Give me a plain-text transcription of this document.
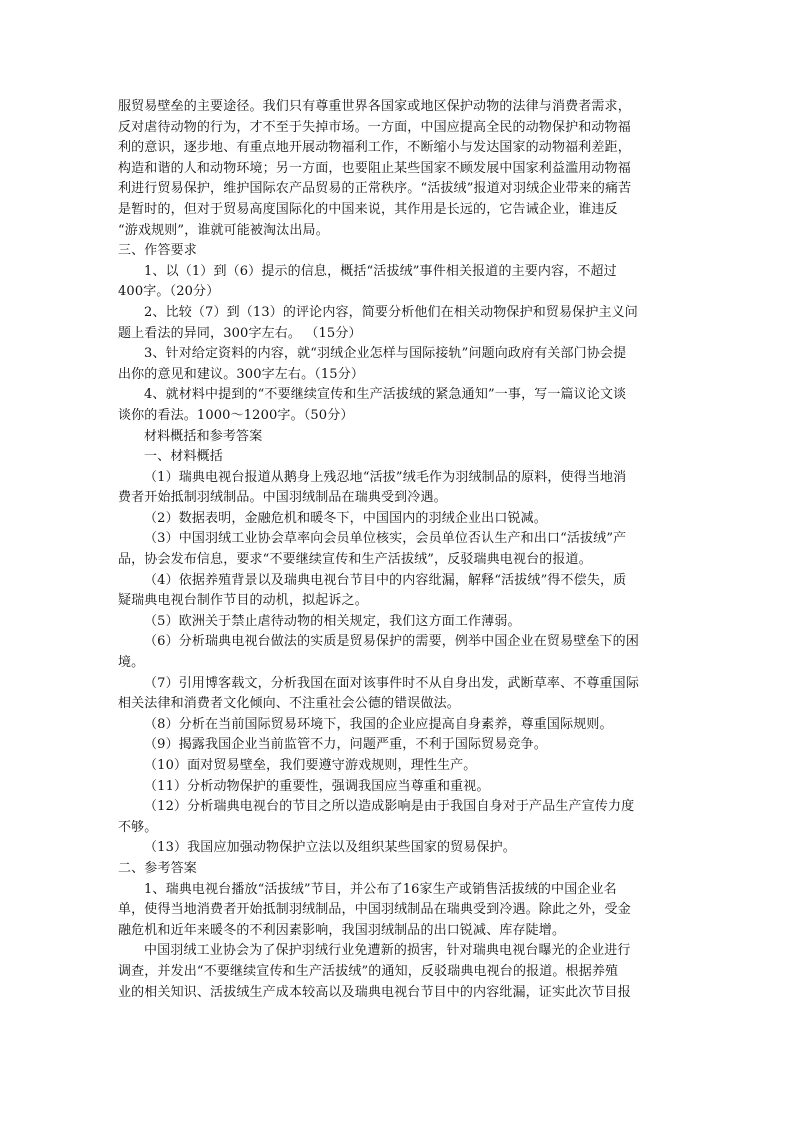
服贸易壁垒的主要途径。我们只有尊重世界各国家或地区保护动物的法律与消费者需求，
反对虐待动物的行为，才不至于失掉市场。一方面，中国应提高全民的动物保护和动物福
利的意识，逐步地、有重点地开展动物福利工作，不断缩小与发达国家的动物福利差距，
构造和谐的人和动物环境；另一方面，也要阻止某些国家不顾发展中国家利益滥用动物福
利进行贸易保护，维护国际农产品贸易的正常秩序。“活拔绒”报道对羽绒企业带来的痛苦
是暂时的，但对于贸易高度国际化的中国来说，其作用是长远的，它告诫企业，谁违反
“游戏规则”，谁就可能被淘汰出局。
三、作答要求
1、以（1）到（6）提示的信息，概括“活拔绒”事件相关报道的主要内容，不超过
400字。（20分）
2、比较（7）到（13）的评论内容，简要分析他们在相关动物保护和贸易保护主义问
题上看法的异同，300字左右。 （15分）
3、针对给定资料的内容，就“羽绒企业怎样与国际接轨”问题向政府有关部门协会提
出你的意见和建议。300字左右。（15分）
4、就材料中提到的“不要继续宣传和生产活拔绒的紧急通知”一事，写一篇议论文谈
谈你的看法。1000～1200字。（50分）
材料概括和参考答案
一、材料概括
（1）瑞典电视台报道从鹅身上残忍地“活拔”绒毛作为羽绒制品的原料，使得当地消
费者开始抵制羽绒制品。中国羽绒制品在瑞典受到冷遇。
（2）数据表明，金融危机和暖冬下，中国国内的羽绒企业出口锐减。
（3）中国羽绒工业协会草率向会员单位核实，会员单位否认生产和出口“活拔绒”产
品，协会发布信息，要求“不要继续宣传和生产活拔绒”，反驳瑞典电视台的报道。
（4）依据养殖背景以及瑞典电视台节目中的内容纰漏，解释“活拔绒”得不偿失，质
疑瑞典电视台制作节目的动机，拟起诉之。
（5）欧洲关于禁止虐待动物的相关规定，我们这方面工作薄弱。
（6）分析瑞典电视台做法的实质是贸易保护的需要，例举中国企业在贸易壁垒下的困
境。
（7）引用博客载文，分析我国在面对该事件时不从自身出发，武断草率、不尊重国际
相关法律和消费者文化倾向、不注重社会公德的错误做法。
（8）分析在当前国际贸易环境下，我国的企业应提高自身素养，尊重国际规则。
（9）揭露我国企业当前监管不力，问题严重，不利于国际贸易竞争。
（10）面对贸易壁垒，我们要遵守游戏规则，理性生产。
（11）分析动物保护的重要性，强调我国应当尊重和重视。
（12）分析瑞典电视台的节目之所以造成影响是由于我国自身对于产品生产宣传力度
不够。
（13）我国应加强动物保护立法以及组织某些国家的贸易保护。
二、参考答案
1、瑞典电视台播放“活拔绒”节目，并公布了16家生产或销售活拔绒的中国企业名
单，使得当地消费者开始抵制羽绒制品，中国羽绒制品在瑞典受到冷遇。除此之外，受金
融危机和近年来暖冬的不利因素影响，我国羽绒制品的出口锐减、库存陡增。
中国羽绒工业协会为了保护羽绒行业免遭新的损害，针对瑞典电视台曝光的企业进行
调查，并发出“不要继续宣传和生产活拔绒”的通知，反驳瑞典电视台的报道。根据养殖
业的相关知识、活拔绒生产成本较高以及瑞典电视台节目中的内容纰漏，证实此次节目报
